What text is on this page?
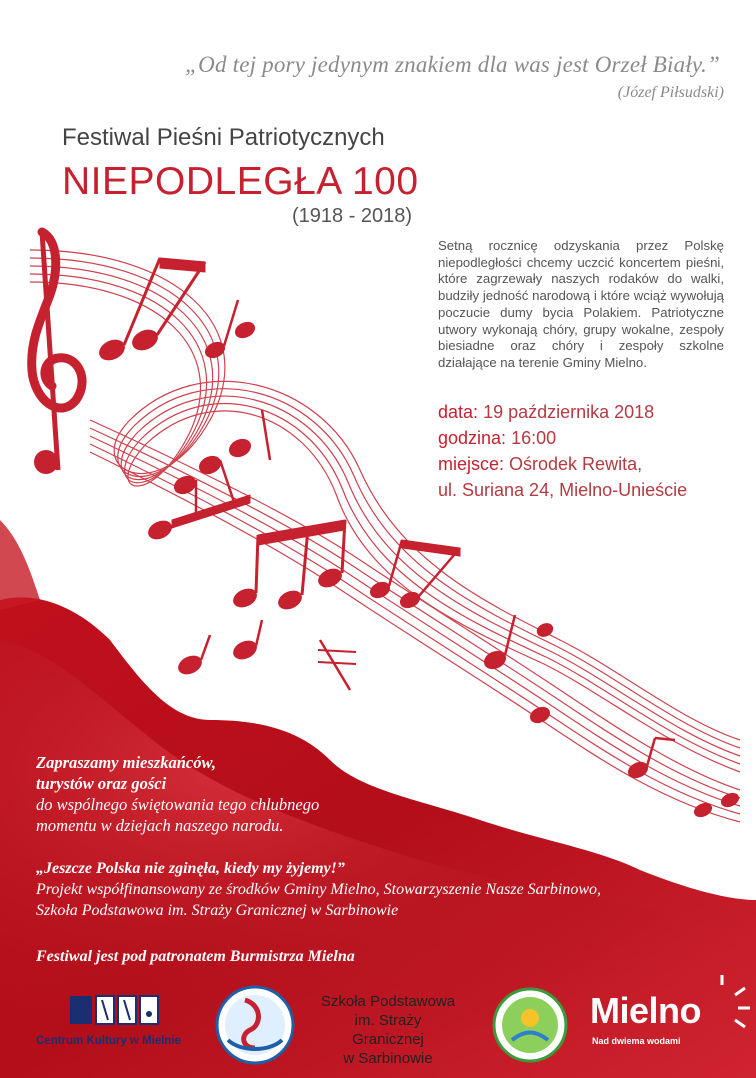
„Od tej pory jedynym znakiem dla was jest Orzeł Biały.”
(Józef Piłsudski)
Festiwal Pieśni Patriotycznych
NIEPODLEGŁA 100
(1918 - 2018)
Setną rocznicę odzyskania przez Polskę niepodległości chcemy uczcić koncertem pieśni, które zagrzewały naszych rodaków do walki, budziły jedność narodową i które wciąż wywołują poczucie dumy bycia Polakiem. Patriotyczne utwory wykonają chóry, grupy wokalne, zespoły biesiadne oraz chóry i zespoły szkolne działające na terenie Gminy Mielno.
data: 19 października 2018
godzina: 16:00
miejsce: Ośrodek Rewita,
ul. Suriana 24, Mielno-Unieście
Zapraszamy mieszkańców,
turystów oraz gości
do wspólnego świętowania tego chlubnego
momentu w dziejach naszego narodu.
„Jeszcze Polska nie zginęła, kiedy my żyjemy!”
Projekt współfinansowany ze środków Gminy Mielno, Stowarzyszenie Nasze Sarbinowo,
Szkoła Podstawowa im. Straży Granicznej w Sarbinowie
Festiwal jest pod patronatem Burmistrza Mielna
Centrum Kultury w Mielnie
Szkoła Podstawowa
im. Straży Granicznej
w Sarbinowie
Mielno
Nad dwiema wodami
